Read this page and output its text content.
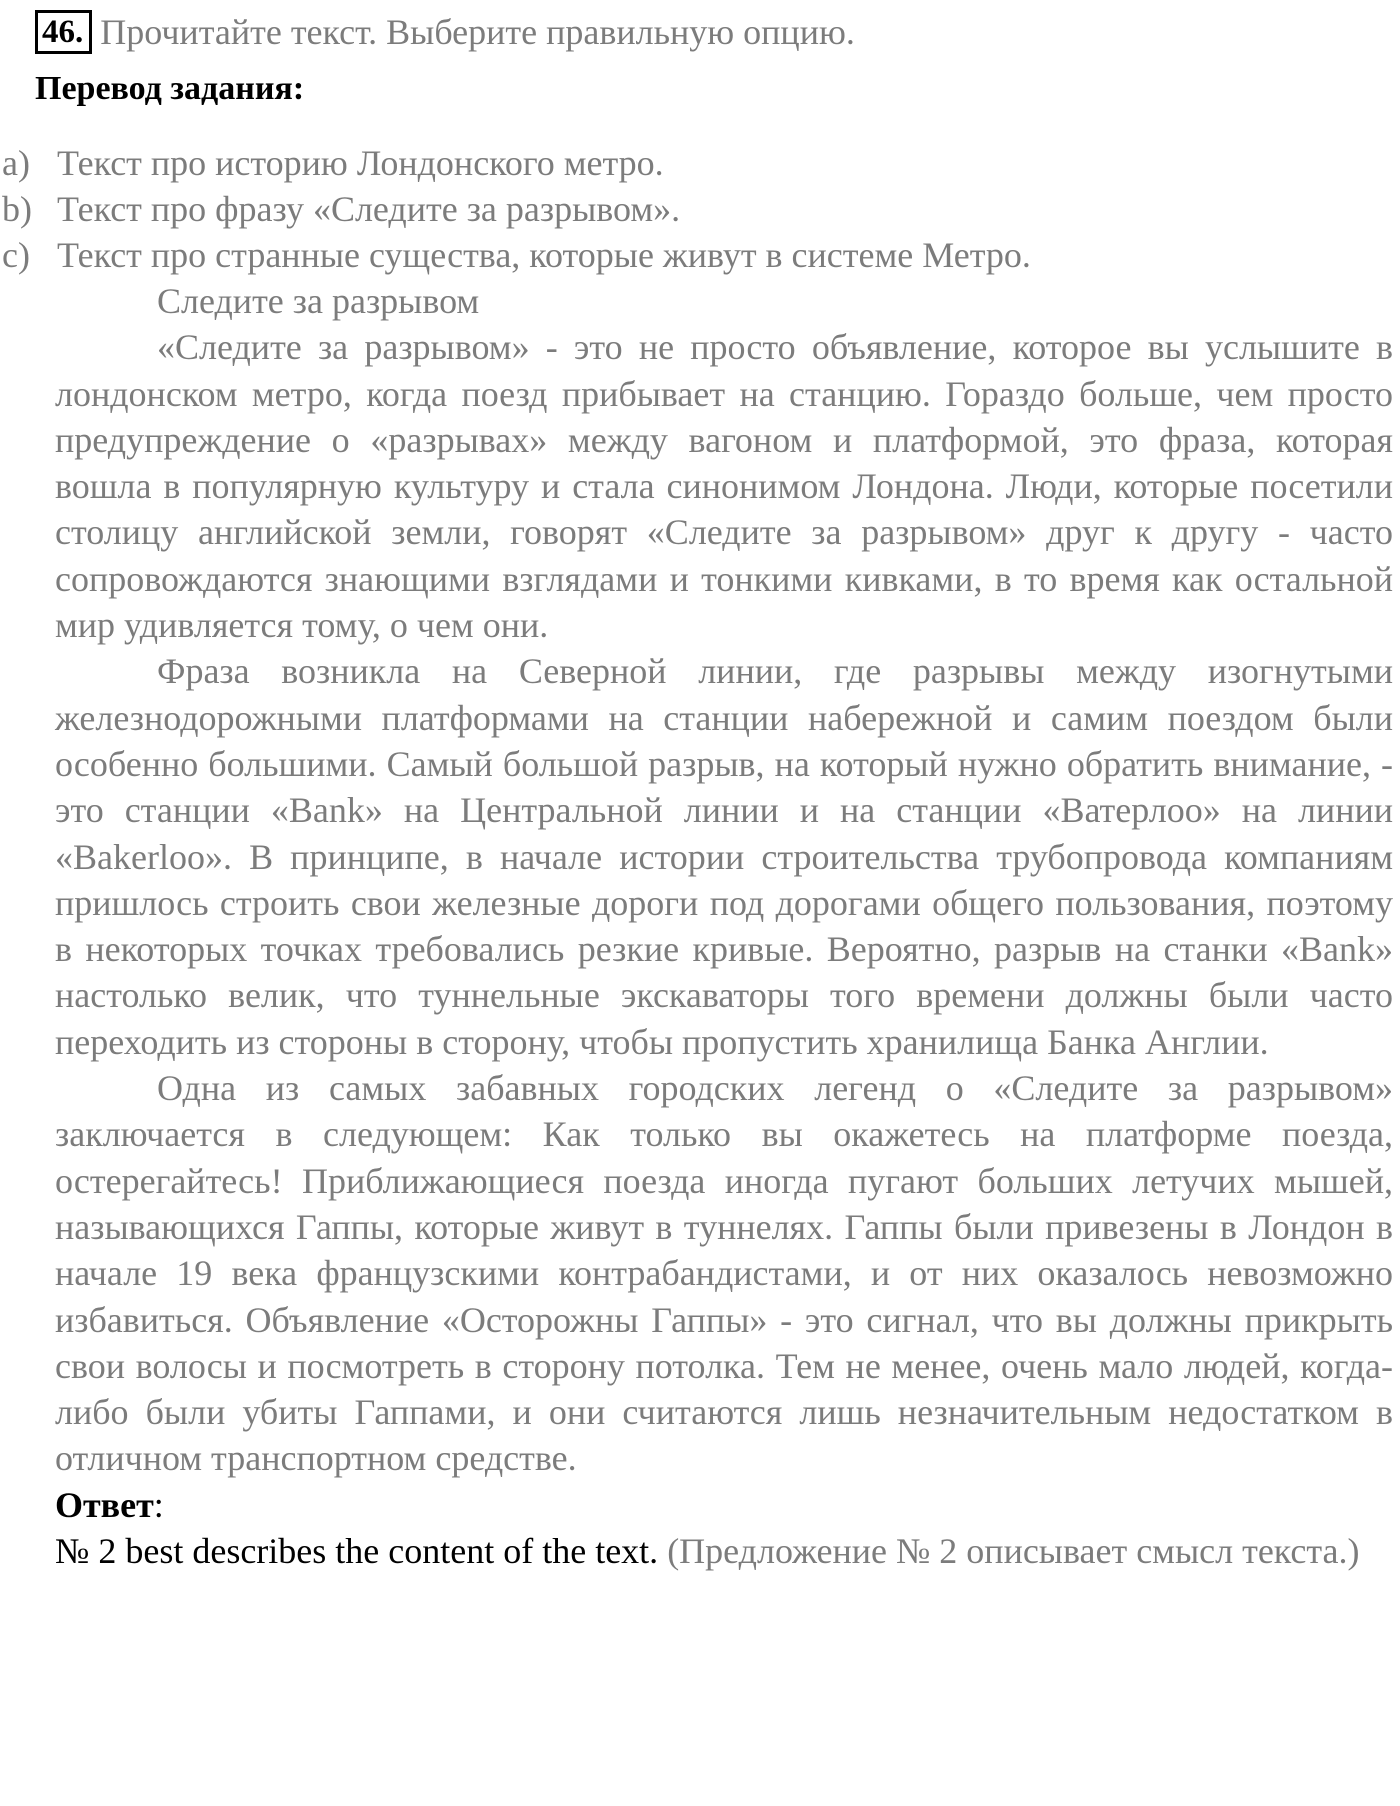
46. Прочитайте текст. Выберите правильную опцию.
Перевод задания:
a) Текст про историю Лондонского метро.
b) Текст про фразу «Следите за разрывом».
c) Текст про странные существа, которые живут в системе Метро.

Следите за разрывом

«Следите за разрывом» - это не просто объявление, которое вы услышите в лондонском метро, когда поезд прибывает на станцию. Гораздо больше, чем просто предупреждение о «разрывах» между вагоном и платформой, это фраза, которая вошла в популярную культуру и стала синонимом Лондона. Люди, которые посетили столицу английской земли, говорят «Следите за разрывом» друг к другу - часто сопровождаются знающими взглядами и тонкими кивками, в то время как остальной мир удивляется тому, о чем они.

Фраза возникла на Северной линии, где разрывы между изогнутыми железнодорожными платформами на станции набережной и самим поездом были особенно большими. Самый большой разрыв, на который нужно обратить внимание, - это станции «Bank» на Центральной линии и на станции «Ватерлоо» на линии «Bakerloo». В принципе, в начале истории строительства трубопровода компаниям пришлось строить свои железные дороги под дорогами общего пользования, поэтому в некоторых точках требовались резкие кривые. Вероятно, разрыв на станки «Bank» настолько велик, что туннельные экскаваторы того времени должны были часто переходить из стороны в сторону, чтобы пропустить хранилища Банка Англии.

Одна из самых забавных городских легенд о «Следите за разрывом» заключается в следующем: Как только вы окажетесь на платформе поезда, остерегайтесь! Приближающиеся поезда иногда пугают больших летучих мышей, называющихся Гаппы, которые живут в туннелях. Гаппы были привезены в Лондон в начале 19 века французскими контрабандистами, и от них оказалось невозможно избавиться. Объявление «Осторожны Гаппы» - это сигнал, что вы должны прикрыть свои волосы и посмотреть в сторону потолка. Тем не менее, очень мало людей, когда-либо были убиты Гаппами, и они считаются лишь незначительным недостатком в отличном транспортном средстве.

Ответ:

№ 2 best describes the content of the text. (Предложение № 2 описывает смысл текста.)
